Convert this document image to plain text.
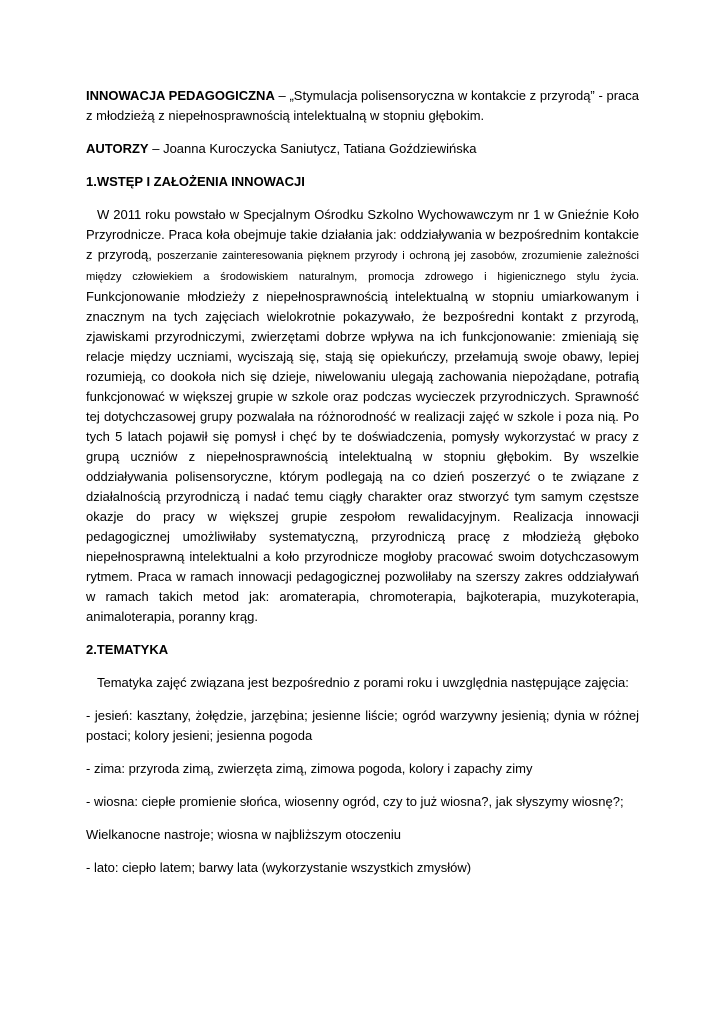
INNOWACJA PEDAGOGICZNA – „Stymulacja polisensoryczna w kontakcie z przyrodą” - praca z młodzieżą z niepełnosprawnością intelektualną w stopniu głębokim.

AUTORZY – Joanna Kuroczycka Saniutycz, Tatiana Goździewińska

1.WSTĘP I ZAŁOŻENIA INNOWACJI

W 2011 roku powstało w Specjalnym Ośrodku Szkolno Wychowawczym nr 1 w Gnieźnie Koło Przyrodnicze. Praca koła obejmuje takie działania jak: oddziaływania w bezpośrednim kontakcie z przyrodą, poszerzanie zainteresowania pięknem przyrody i ochroną jej zasobów, zrozumienie zależności między człowiekiem a środowiskiem naturalnym, promocja zdrowego i higienicznego stylu życia. Funkcjonowanie młodzieży z niepełnosprawnością intelektualną w stopniu umiarkowanym i znacznym na tych zajęciach wielokrotnie pokazywało, że bezpośredni kontakt z przyrodą, zjawiskami przyrodniczymi, zwierzętami dobrze wpływa na ich funkcjonowanie: zmieniają się relacje między uczniami, wyciszają się, stają się opiekuńczy, przełamują swoje obawy, lepiej rozumieją, co dookoła nich się dzieje, niwelowaniu ulegają zachowania niepożądane, potrafią funkcjonować w większej grupie w szkole oraz podczas wycieczek przyrodniczych. Sprawność tej dotychczasowej grupy pozwalała na różnorodność w realizacji zajęć w szkole i poza nią. Po tych 5 latach pojawił się pomysł i chęć by te doświadczenia, pomysły wykorzystać w pracy z grupą uczniów z niepełnosprawnością intelektualną w stopniu głębokim. By wszelkie oddziaływania polisensoryczne, którym podlegają na co dzień poszerzyć o te związane z działalnością przyrodniczą i nadać temu ciągły charakter oraz stworzyć tym samym częstsze okazje do pracy w większej grupie zespołom rewalidacyjnym. Realizacja innowacji pedagogicznej umożliwiłaby systematyczną, przyrodniczą pracę z młodzieżą głęboko niepełnosprawną intelektualni a koło przyrodnicze mogłoby pracować swoim dotychczasowym rytmem. Praca w ramach innowacji pedagogicznej pozwoliłaby na szerszy zakres oddziaływań w ramach takich metod jak: aromaterapia, chromoterapia, bajkoterapia, muzykoterapia, animaloterapia, poranny krąg.

2.TEMATYKA

Tematyka zajęć związana jest bezpośrednio z porami roku i uwzględnia następujące zajęcia:

- jesień: kasztany, żołędzie, jarzębina; jesienne liście; ogród warzywny jesienią; dynia w różnej postaci; kolory jesieni; jesienna pogoda

- zima: przyroda zimą, zwierzęta zimą, zimowa pogoda, kolory i zapachy zimy

- wiosna: ciepłe promienie słońca, wiosenny ogród, czy to już wiosna?, jak słyszymy wiosnę?;

Wielkanocne nastroje; wiosna w najbliższym otoczeniu

- lato: ciepło latem; barwy lata (wykorzystanie wszystkich zmysłów)
